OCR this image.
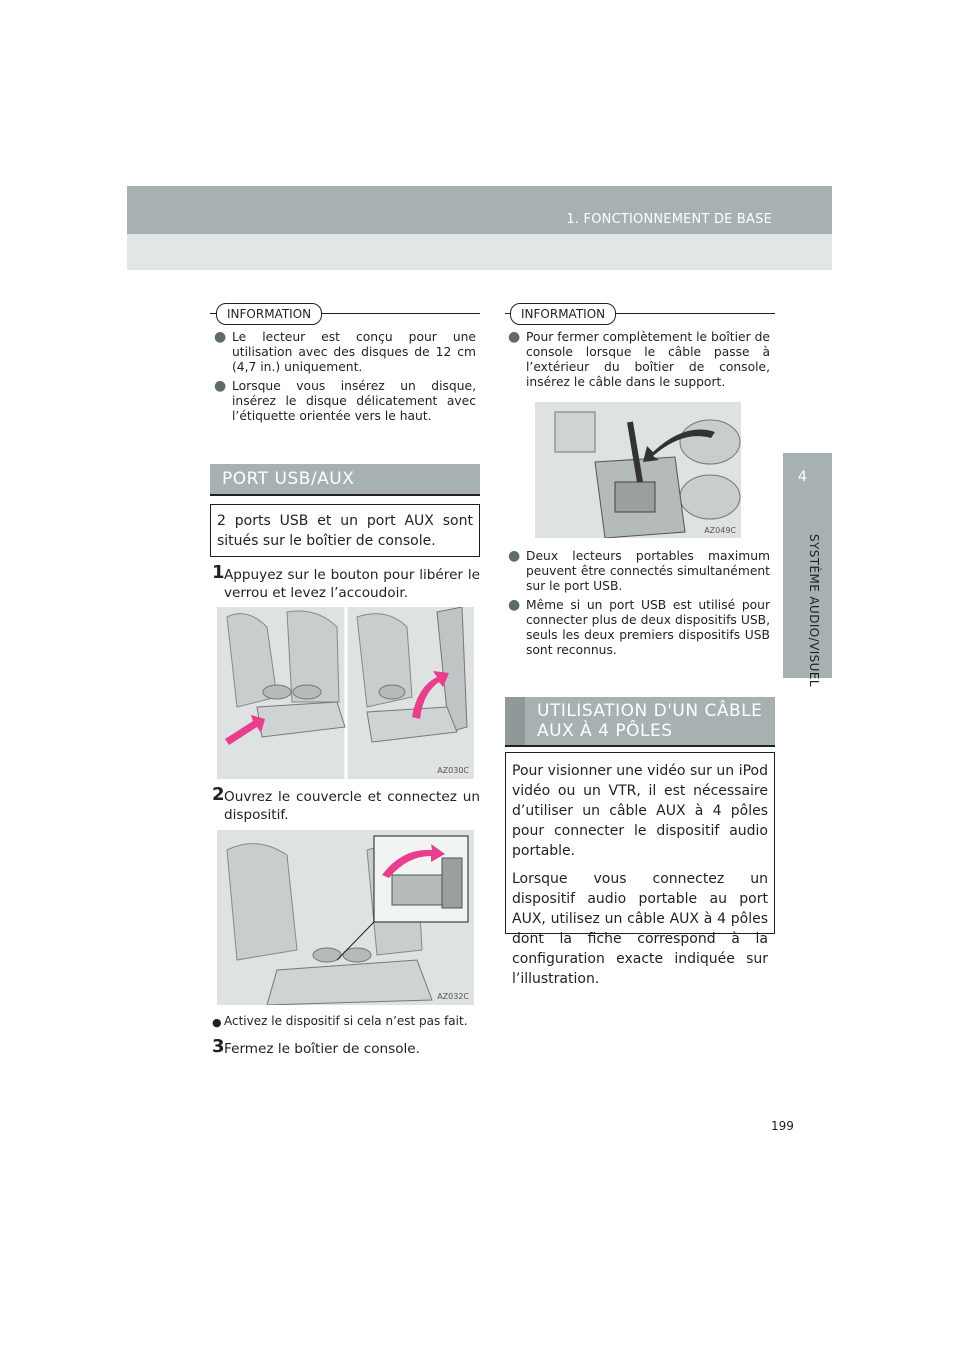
1. FONCTIONNEMENT DE BASE
4
SYSTÈME AUDIO/VISUEL
INFORMATION
● Le lecteur est conçu pour une utilisation avec des disques de 12 cm (4,7 in.) uniquement.
● Lorsque vous insérez un disque, insérez le disque délicatement avec l’étiquette orientée vers le haut.
PORT USB/AUX
2 ports USB et un port AUX sont situés sur le boîtier de console.
1 Appuyez sur le bouton pour libérer le verrou et levez l’accoudoir.
AZ030C
2 Ouvrez le couvercle et connectez un dispositif.
AZ032C
● Activez le dispositif si cela n’est pas fait.
3 Fermez le boîtier de console.
INFORMATION
● Pour fermer complètement le boîtier de console lorsque le câble passe à l’extérieur du boîtier de console, insérez le câble dans le support.
AZ049C
● Deux lecteurs portables maximum peuvent être connectés simultanément sur le port USB.
● Même si un port USB est utilisé pour connecter plus de deux dispositifs USB, seuls les deux premiers dispositifs USB sont reconnus.
UTILISATION D'UN CÂBLE
AUX À 4 PÔLES

Pour visionner une vidéo sur un iPod vidéo ou un VTR, il est nécessaire d’utiliser un câble AUX à 4 pôles pour connecter le dispositif audio portable.

Lorsque vous connectez un dispositif audio portable au port AUX, utilisez un câble AUX à 4 pôles dont la fiche correspond à la configuration exacte indiquée sur l’illustration.

199
